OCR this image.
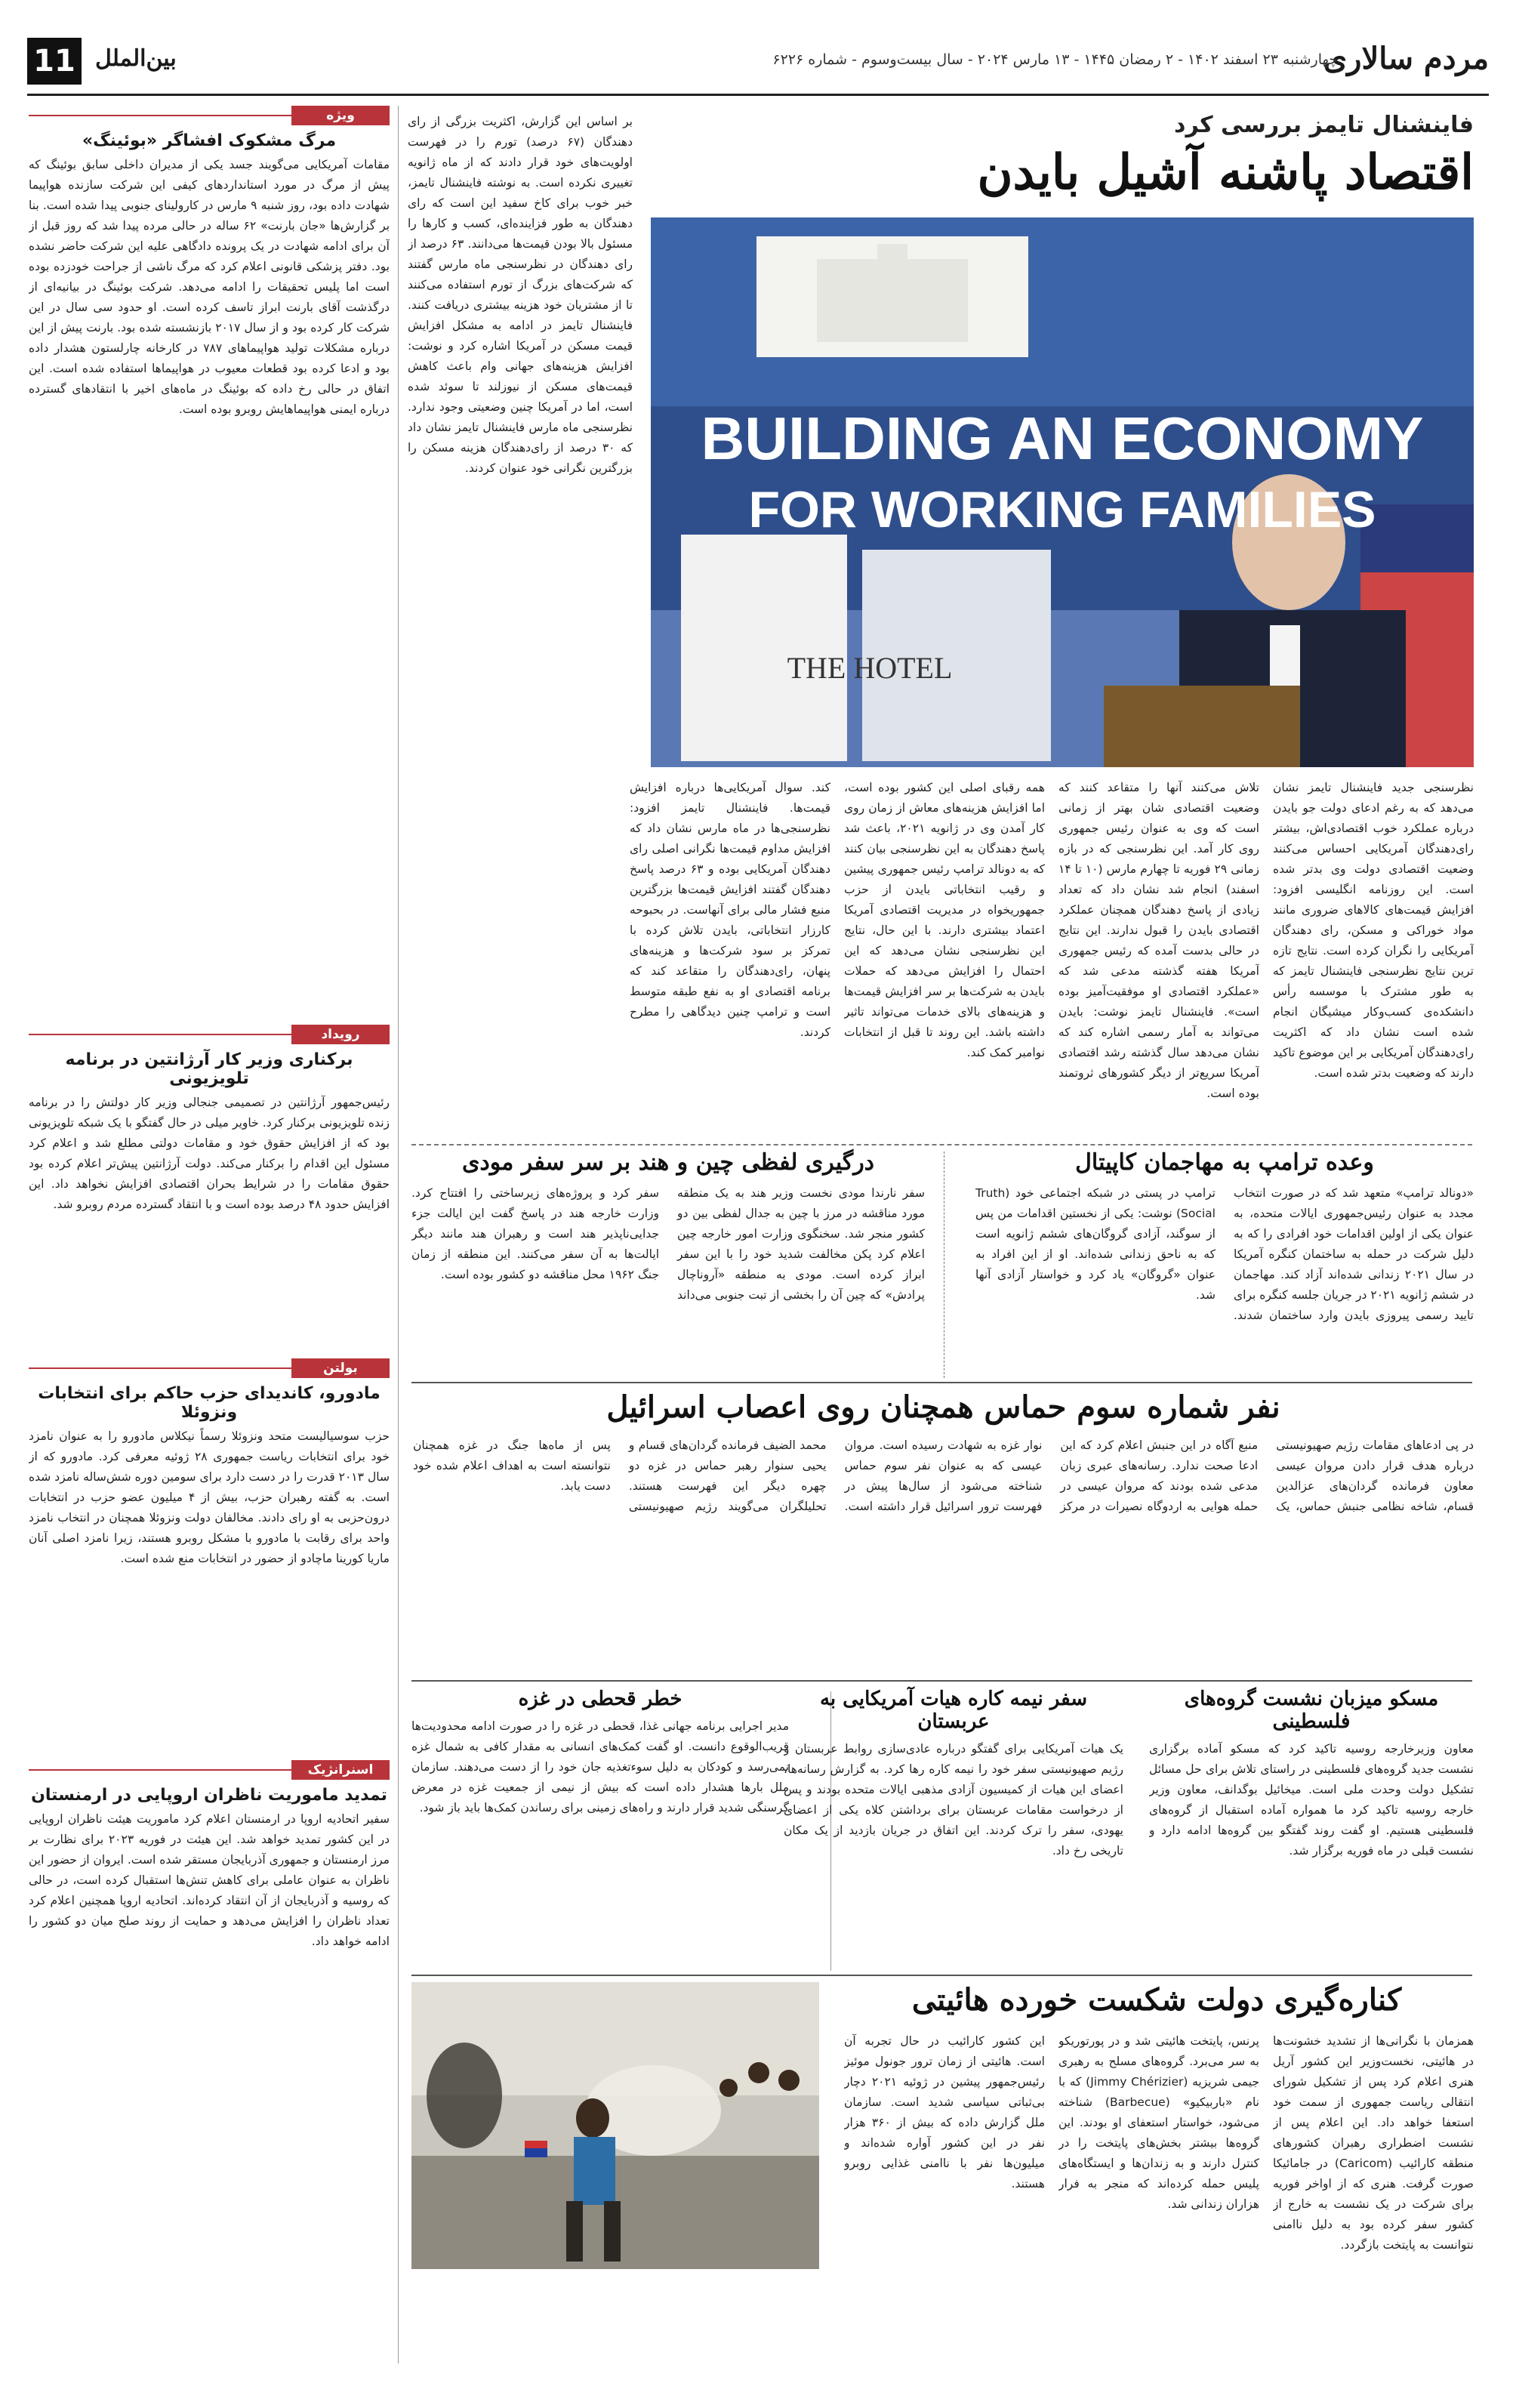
مردم سالاری
چهارشنبه ۲۳ اسفند ۱۴۰۲ - ۲ رمضان ۱۴۴۵ - ۱۳ مارس ۲۰۲۴ - سال بیست‌وسوم - شماره ۶۲۲۶
بین‌الملل
11
فاینشنال تایمز بررسی کرد
اقتصاد پاشنه آشیل بایدن
BUILDING AN ECONOMY
FOR WORKING FAMILIES
THE HOTEL
نظرسنجی جدید فاینشنال تایمز نشان می‌دهد که به رغم ادعای دولت جو بایدن درباره عملکرد خوب اقتصادی‌اش، بیشتر رای‌دهندگان آمریکایی احساس می‌کنند وضعیت اقتصادی دولت وی بدتر شده است. این روزنامه انگلیسی افزود: افزایش قیمت‌های کالاهای ضروری مانند مواد خوراکی و مسکن، رای دهندگان آمریکایی را نگران کرده است. نتایج تازه ترین نتایج نظرسنجی فاینشنال تایمز که به طور مشترک با موسسه رأس دانشکده‌ی کسب‌وکار میشیگان انجام شده است نشان داد که اکثریت رای‌دهندگان آمریکایی بر این موضوع تاکید دارند که وضعیت بدتر شده است.
تلاش می‌کنند آنها را متقاعد کنند که وضعیت اقتصادی شان بهتر از زمانی است که وی به عنوان رئیس جمهوری روی کار آمد. این نظرسنجی که در بازه زمانی ۲۹ فوریه تا چهارم مارس (۱۰ تا ۱۴ اسفند) انجام شد نشان داد که تعداد زیادی از پاسخ دهندگان همچنان عملکرد اقتصادی بایدن را قبول ندارند. این نتایج در حالی بدست آمده که رئیس جمهوری آمریکا هفته گذشته مدعی شد که «عملکرد اقتصادی او موفقیت‌آمیز بوده است». فاینشنال تایمز نوشت: بایدن می‌تواند به آمار رسمی اشاره کند که نشان می‌دهد سال گذشته رشد اقتصادی آمریکا سریع‌تر از دیگر کشورهای ثروتمند بوده است.
همه رقبای اصلی این کشور بوده است، اما افزایش هزینه‌های معاش از زمان روی کار آمدن وی در ژانویه ۲۰۲۱، باعث شد پاسخ دهندگان به این نظرسنجی بیان کنند که به دونالد ترامپ رئیس جمهوری پیشین و رقیب انتخاباتی بایدن از حزب جمهوریخواه در مدیریت اقتصادی آمریکا اعتماد بیشتری دارند. با این حال، نتایج این نظرسنجی نشان می‌دهد که این احتمال را افزایش می‌دهد که حملات بایدن به شرکت‌ها بر سر افزایش قیمت‌ها و هزینه‌های بالای خدمات می‌تواند تاثیر داشته باشد. این روند تا قبل از انتخابات نوامبر کمک کند.
کند. سوال آمریکایی‌ها درباره افزایش قیمت‌ها. فاینشنال تایمز افزود: نظرسنجی‌ها در ماه مارس نشان داد که افزایش مداوم قیمت‌ها نگرانی اصلی رای دهندگان آمریکایی بوده و ۶۳ درصد پاسخ دهندگان گفتند افزایش قیمت‌ها بزرگترین منبع فشار مالی برای آنهاست. در بحبوحه کارزار انتخاباتی، بایدن تلاش کرده با تمرکز بر سود شرکت‌ها و هزینه‌های پنهان، رای‌دهندگان را متقاعد کند که برنامه اقتصادی او به نفع طبقه متوسط است و ترامپ چنین دیدگاهی را مطرح کردند.
بر اساس این گزارش، اکثریت بزرگی از رای دهندگان (۶۷ درصد) تورم را در فهرست اولویت‌های خود قرار دادند که از ماه ژانویه تغییری نکرده است. به نوشته فاینشنال تایمز، خبر خوب برای کاخ سفید این است که رای دهندگان به طور فزاینده‌ای، کسب و کارها را مسئول بالا بودن قیمت‌ها می‌دانند. ۶۳ درصد از رای دهندگان در نظرسنجی ماه مارس گفتند که شرکت‌های بزرگ از تورم استفاده می‌کنند تا از مشتریان خود هزینه بیشتری دریافت کنند. فاینشنال تایمز در ادامه به مشکل افزایش قیمت مسکن در آمریکا اشاره کرد و نوشت: افزایش هزینه‌های جهانی وام باعث کاهش قیمت‌های مسکن از نیوزلند تا سوئد شده است، اما در آمریکا چنین وضعیتی وجود ندارد. نظرسنجی ماه مارس فاینشنال تایمز نشان داد که ۳۰ درصد از رای‌دهندگان هزینه مسکن را بزرگترین نگرانی خود عنوان کردند.
وعده ترامپ به مهاجمان کاپیتال
«دونالد ترامپ» متعهد شد که در صورت انتخاب مجدد به عنوان رئیس‌جمهوری ایالات متحده، به عنوان یکی از اولین اقدامات خود افرادی را که به دلیل شرکت در حمله به ساختمان کنگره آمریکا در سال ۲۰۲۱ زندانی شده‌اند آزاد کند. مهاجمان در ششم ژانویه ۲۰۲۱ در جریان جلسه کنگره برای تایید رسمی پیروزی بایدن وارد ساختمان شدند. ترامپ در پستی در شبکه اجتماعی خود (Truth Social) نوشت: یکی از نخستین اقدامات من پس از سوگند، آزادی گروگان‌های ششم ژانویه است که به ناحق زندانی شده‌اند. او از این افراد به عنوان «گروگان» یاد کرد و خواستار آزادی آنها شد.
درگیری لفظی چین و هند بر سر سفر مودی
سفر نارندا مودی نخست وزیر هند به یک منطقه مورد مناقشه در مرز با چین به جدال لفظی بین دو کشور منجر شد. سخنگوی وزارت امور خارجه چین اعلام کرد پکن مخالفت شدید خود را با این سفر ابراز کرده است. مودی به منطقه «آروناچال پرادش» که چین آن را بخشی از تبت جنوبی می‌داند سفر کرد و پروژه‌های زیرساختی را افتتاح کرد. وزارت خارجه هند در پاسخ گفت این ایالت جزء جدایی‌ناپذیر هند است و رهبران هند مانند دیگر ایالت‌ها به آن سفر می‌کنند. این منطقه از زمان جنگ ۱۹۶۲ محل مناقشه دو کشور بوده است.
نفر شماره سوم حماس همچنان روی اعصاب اسرائیل
در پی ادعاهای مقامات رژیم صهیونیستی درباره هدف قرار دادن مروان عیسی معاون فرمانده گردان‌های عزالدین قسام، شاخه نظامی جنبش حماس، یک منبع آگاه در این جنبش اعلام کرد که این ادعا صحت ندارد. رسانه‌های عبری زبان مدعی شده بودند که مروان عیسی در حمله هوایی به اردوگاه نصیرات در مرکز نوار غزه به شهادت رسیده است. مروان عیسی که به عنوان نفر سوم حماس شناخته می‌شود از سال‌ها پیش در فهرست ترور اسرائیل قرار داشته است. محمد الضیف فرمانده گردان‌های قسام و یحیی سنوار رهبر حماس در غزه دو چهره دیگر این فهرست هستند. تحلیلگران می‌گویند رژیم صهیونیستی پس از ماه‌ها جنگ در غزه همچنان نتوانسته است به اهداف اعلام شده خود دست یابد.
مسکو میزبان نشست گروه‌های فلسطینی
معاون وزیرخارجه روسیه تاکید کرد که مسکو آماده برگزاری نشست جدید گروه‌های فلسطینی در راستای تلاش برای حل مسائل تشکیل دولت وحدت ملی است. میخائیل بوگدانف، معاون وزیر خارجه روسیه تاکید کرد ما همواره آماده استقبال از گروه‌های فلسطینی هستیم. او گفت روند گفتگو بین گروه‌ها ادامه دارد و نشست قبلی در ماه فوریه برگزار شد.
سفر نیمه کاره هیات آمریکایی به عربستان
یک هیات آمریکایی برای گفتگو درباره عادی‌سازی روابط عربستان و رژیم صهیونیستی سفر خود را نیمه کاره رها کرد. به گزارش رسانه‌ها، اعضای این هیات از کمیسیون آزادی مذهبی ایالات متحده بودند و پس از درخواست مقامات عربستان برای برداشتن کلاه یکی از اعضای یهودی، سفر را ترک کردند. این اتفاق در جریان بازدید از یک مکان تاریخی رخ داد.
خطر قحطی در غزه
مدیر اجرایی برنامه جهانی غذا، قحطی در غزه را در صورت ادامه محدودیت‌ها قریب‌الوقوع دانست. او گفت کمک‌های انسانی به مقدار کافی به شمال غزه نمی‌رسد و کودکان به دلیل سوءتغذیه جان خود را از دست می‌دهند. سازمان ملل بارها هشدار داده است که بیش از نیمی از جمعیت غزه در معرض گرسنگی شدید قرار دارند و راه‌های زمینی برای رساندن کمک‌ها باید باز شود.
کناره‌گیری دولت شکست خورده هائیتی
همزمان با نگرانی‌ها از تشدید خشونت‌ها در هائیتی، نخست‌وزیر این کشور آریل هنری اعلام کرد پس از تشکیل شورای انتقالی ریاست جمهوری از سمت خود استعفا خواهد داد. این اعلام پس از نشست اضطراری رهبران کشورهای منطقه کارائیب (Caricom) در جامائیکا صورت گرفت. هنری که از اواخر فوریه برای شرکت در یک نشست به خارج از کشور سفر کرده بود به دلیل ناامنی نتوانست به پایتخت بازگردد.
پرنس، پایتخت هائیتی شد و در پورتوریکو به سر می‌برد. گروه‌های مسلح به رهبری جیمی شریزیه (Jimmy Chérizier) که با نام «باربیکیو» (Barbecue) شناخته می‌شود، خواستار استعفای او بودند. این گروه‌ها بیشتر بخش‌های پایتخت را در کنترل دارند و به زندان‌ها و ایستگاه‌های پلیس حمله کرده‌اند که منجر به فرار هزاران زندانی شد.
این کشور کارائیب در حال تجربه آن است. هائیتی از زمان ترور جونول موئیز رئیس‌جمهور پیشین در ژوئیه ۲۰۲۱ دچار بی‌ثباتی سیاسی شدید است. سازمان ملل گزارش داده که بیش از ۳۶۰ هزار نفر در این کشور آواره شده‌اند و میلیون‌ها نفر با ناامنی غذایی روبرو هستند.
ویژه
مرگ مشکوک افشاگر «بوئینگ»
مقامات آمریکایی می‌گویند جسد یکی از مدیران داخلی سابق بوئینگ که پیش از مرگ در مورد استانداردهای کیفی این شرکت سازنده هواپیما شهادت داده بود، روز شنبه ۹ مارس در کارولینای جنوبی پیدا شده است. بنا بر گزارش‌ها «جان بارنت» ۶۲ ساله در حالی مرده پیدا شد که روز قبل از آن برای ادامه شهادت در یک پرونده دادگاهی علیه این شرکت حاضر نشده بود. دفتر پزشکی قانونی اعلام کرد که مرگ ناشی از جراحت خودزده بوده است اما پلیس تحقیقات را ادامه می‌دهد. شرکت بوئینگ در بیانیه‌ای از درگذشت آقای بارنت ابراز تاسف کرده است. او حدود سی سال در این شرکت کار کرده بود و از سال ۲۰۱۷ بازنشسته شده بود. بارنت پیش از این درباره مشکلات تولید هواپیماهای ۷۸۷ در کارخانه چارلستون هشدار داده بود و ادعا کرده بود قطعات معیوب در هواپیماها استفاده شده است. این اتفاق در حالی رخ داده که بوئینگ در ماه‌های اخیر با انتقادهای گسترده درباره ایمنی هواپیماهایش روبرو بوده است.
رویداد
برکناری وزیر کار آرژانتین در برنامه تلویزیونی
رئیس‌جمهور آرژانتین در تصمیمی جنجالی وزیر کار دولتش را در برنامه زنده تلویزیونی برکنار کرد. خاویر میلی در حال گفتگو با یک شبکه تلویزیونی بود که از افزایش حقوق خود و مقامات دولتی مطلع شد و اعلام کرد مسئول این اقدام را برکنار می‌کند. دولت آرژانتین پیش‌تر اعلام کرده بود حقوق مقامات را در شرایط بحران اقتصادی افزایش نخواهد داد. این افزایش حدود ۴۸ درصد بوده است و با انتقاد گسترده مردم روبرو شد.
بولتن
مادورو، کاندیدای حزب حاکم برای انتخابات ونزوئلا
حزب سوسیالیست متحد ونزوئلا رسماً نیکلاس مادورو را به عنوان نامزد خود برای انتخابات ریاست جمهوری ۲۸ ژوئیه معرفی کرد. مادورو که از سال ۲۰۱۳ قدرت را در دست دارد برای سومین دوره شش‌ساله نامزد شده است. به گفته رهبران حزب، بیش از ۴ میلیون عضو حزب در انتخابات درون‌حزبی به او رای دادند. مخالفان دولت ونزوئلا همچنان در انتخاب نامزد واحد برای رقابت با مادورو با مشکل روبرو هستند، زیرا نامزد اصلی آنان ماریا کورینا ماچادو از حضور در انتخابات منع شده است.
اسنرانژیک
تمدید ماموریت ناظران اروپایی در ارمنستان
سفیر اتحادیه اروپا در ارمنستان اعلام کرد ماموریت هیئت ناظران اروپایی در این کشور تمدید خواهد شد. این هیئت در فوریه ۲۰۲۳ برای نظارت بر مرز ارمنستان و جمهوری آذربایجان مستقر شده است. ایروان از حضور این ناظران به عنوان عاملی برای کاهش تنش‌ها استقبال کرده است، در حالی که روسیه و آذربایجان از آن انتقاد کرده‌اند. اتحادیه اروپا همچنین اعلام کرد تعداد ناظران را افزایش می‌دهد و حمایت از روند صلح میان دو کشور را ادامه خواهد داد.
